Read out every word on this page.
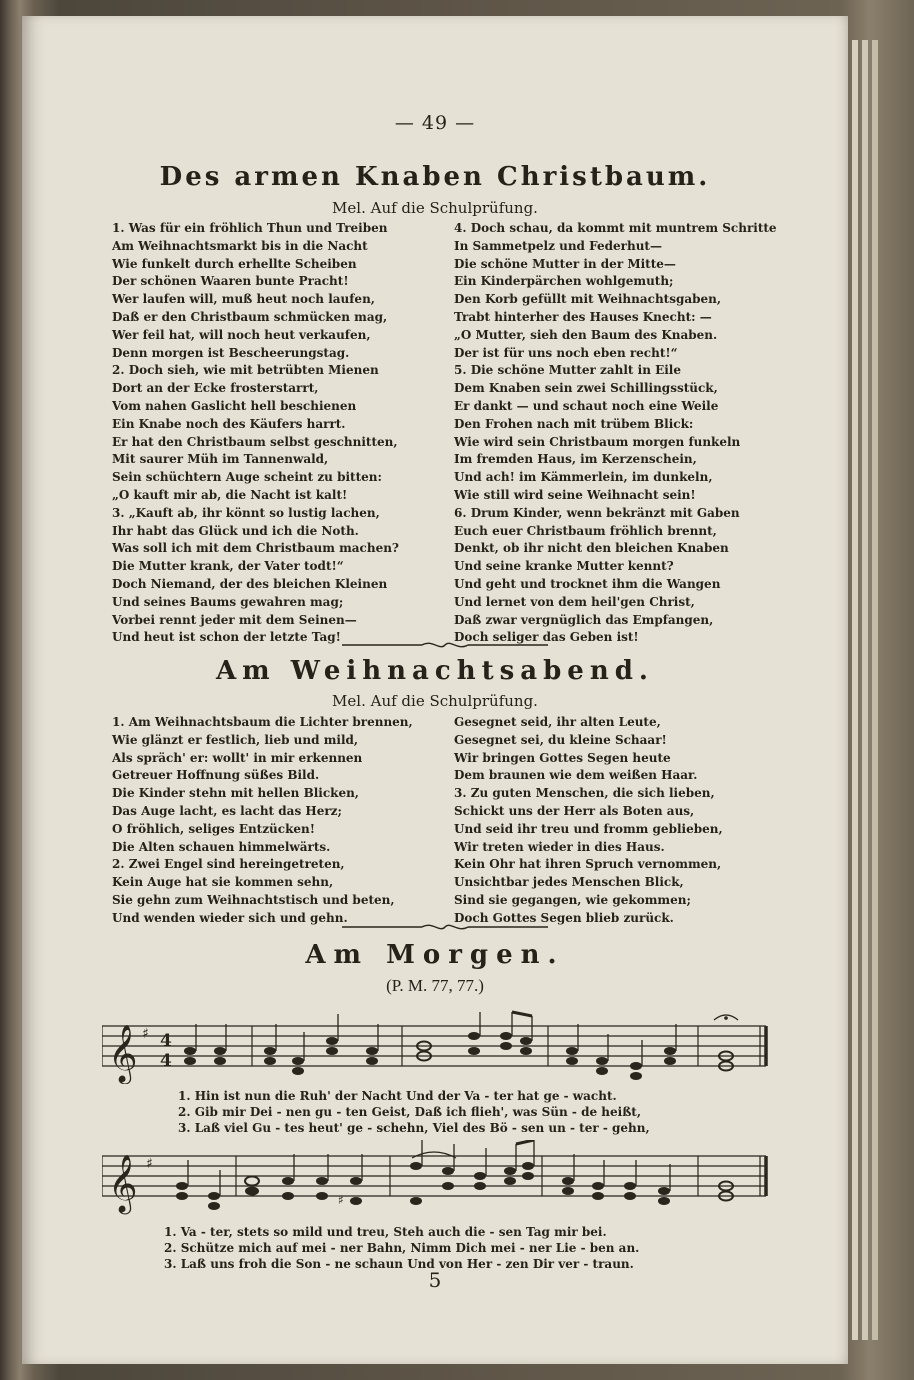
— 49 —
Des armen Knaben Christbaum.
Mel. Auf die Schulprüfung.
1. Was für ein fröhlich Thun und Treiben
Am Weihnachtsmarkt bis in die Nacht
Wie funkelt durch erhellte Scheiben
Der schönen Waaren bunte Pracht!
Wer laufen will, muß heut noch laufen,
Daß er den Christbaum schmücken mag,
Wer feil hat, will noch heut verkaufen,
Denn morgen ist Bescheerungstag.
2. Doch sieh, wie mit betrübten Mienen
Dort an der Ecke frosterstarrt,
Vom nahen Gaslicht hell beschienen
Ein Knabe noch des Käufers harrt.
Er hat den Christbaum selbst geschnitten,
Mit saurer Müh im Tannenwald,
Sein schüchtern Auge scheint zu bitten:
„O kauft mir ab, die Nacht ist kalt!
3. „Kauft ab, ihr könnt so lustig lachen,
Ihr habt das Glück und ich die Noth.
Was soll ich mit dem Christbaum machen?
Die Mutter krank, der Vater todt!“
Doch Niemand, der des bleichen Kleinen
Und seines Baums gewahren mag;
Vorbei rennt jeder mit dem Seinen—
Und heut ist schon der letzte Tag!
4. Doch schau, da kommt mit muntrem Schritte
In Sammetpelz und Federhut—
Die schöne Mutter in der Mitte—
Ein Kinderpärchen wohlgemuth;
Den Korb gefüllt mit Weihnachtsgaben,
Trabt hinterher des Hauses Knecht: —
„O Mutter, sieh den Baum des Knaben.
Der ist für uns noch eben recht!“
5. Die schöne Mutter zahlt in Eile
Dem Knaben sein zwei Schillingsstück,
Er dankt — und schaut noch eine Weile
Den Frohen nach mit trübem Blick:
Wie wird sein Christbaum morgen funkeln
Im fremden Haus, im Kerzenschein,
Und ach! im Kämmerlein, im dunkeln,
Wie still wird seine Weihnacht sein!
6. Drum Kinder, wenn bekränzt mit Gaben
Euch euer Christbaum fröhlich brennt,
Denkt, ob ihr nicht den bleichen Knaben
Und seine kranke Mutter kennt?
Und geht und trocknet ihm die Wangen
Und lernet von dem heil'gen Christ,
Daß zwar vergnüglich das Empfangen,
Doch seliger das Geben ist!
Am Weihnachtsabend.
Mel. Auf die Schulprüfung.
1. Am Weihnachtsbaum die Lichter brennen,
Wie glänzt er festlich, lieb und mild,
Als spräch' er: wollt' in mir erkennen
Getreuer Hoffnung süßes Bild.
Die Kinder stehn mit hellen Blicken,
Das Auge lacht, es lacht das Herz;
O fröhlich, seliges Entzücken!
Die Alten schauen himmelwärts.
2. Zwei Engel sind hereingetreten,
Kein Auge hat sie kommen sehn,
Sie gehn zum Weihnachtstisch und beten,
Und wenden wieder sich und gehn.
Gesegnet seid, ihr alten Leute,
Gesegnet sei, du kleine Schaar!
Wir bringen Gottes Segen heute
Dem braunen wie dem weißen Haar.
3. Zu guten Menschen, die sich lieben,
Schickt uns der Herr als Boten aus,
Und seid ihr treu und fromm geblieben,
Wir treten wieder in dies Haus.
Kein Ohr hat ihren Spruch vernommen,
Unsichtbar jedes Menschen Blick,
Sind sie gegangen, wie gekommen;
Doch Gottes Segen blieb zurück.
Am Morgen.
(P. M. 77, 77.)
𝄞 ♯ 4
4
1. Hin ist nun die Ruh' der Nacht Und der Va - ter hat ge - wacht.
2. Gib mir Dei - nen gu - ten Geist, Daß ich flieh', was Sün - de heißt,
3. Laß viel Gu - tes heut' ge - schehn, Viel des Bö - sen un - ter - gehn,
𝄞 ♯
♯
1. Va - ter, stets so mild und treu, Steh auch die - sen Tag mir bei.
2. Schütze mich auf mei - ner Bahn, Nimm Dich mei - ner Lie - ben an.
3. Laß uns froh die Son - ne schaun Und von Her - zen Dir ver - traun.
5
